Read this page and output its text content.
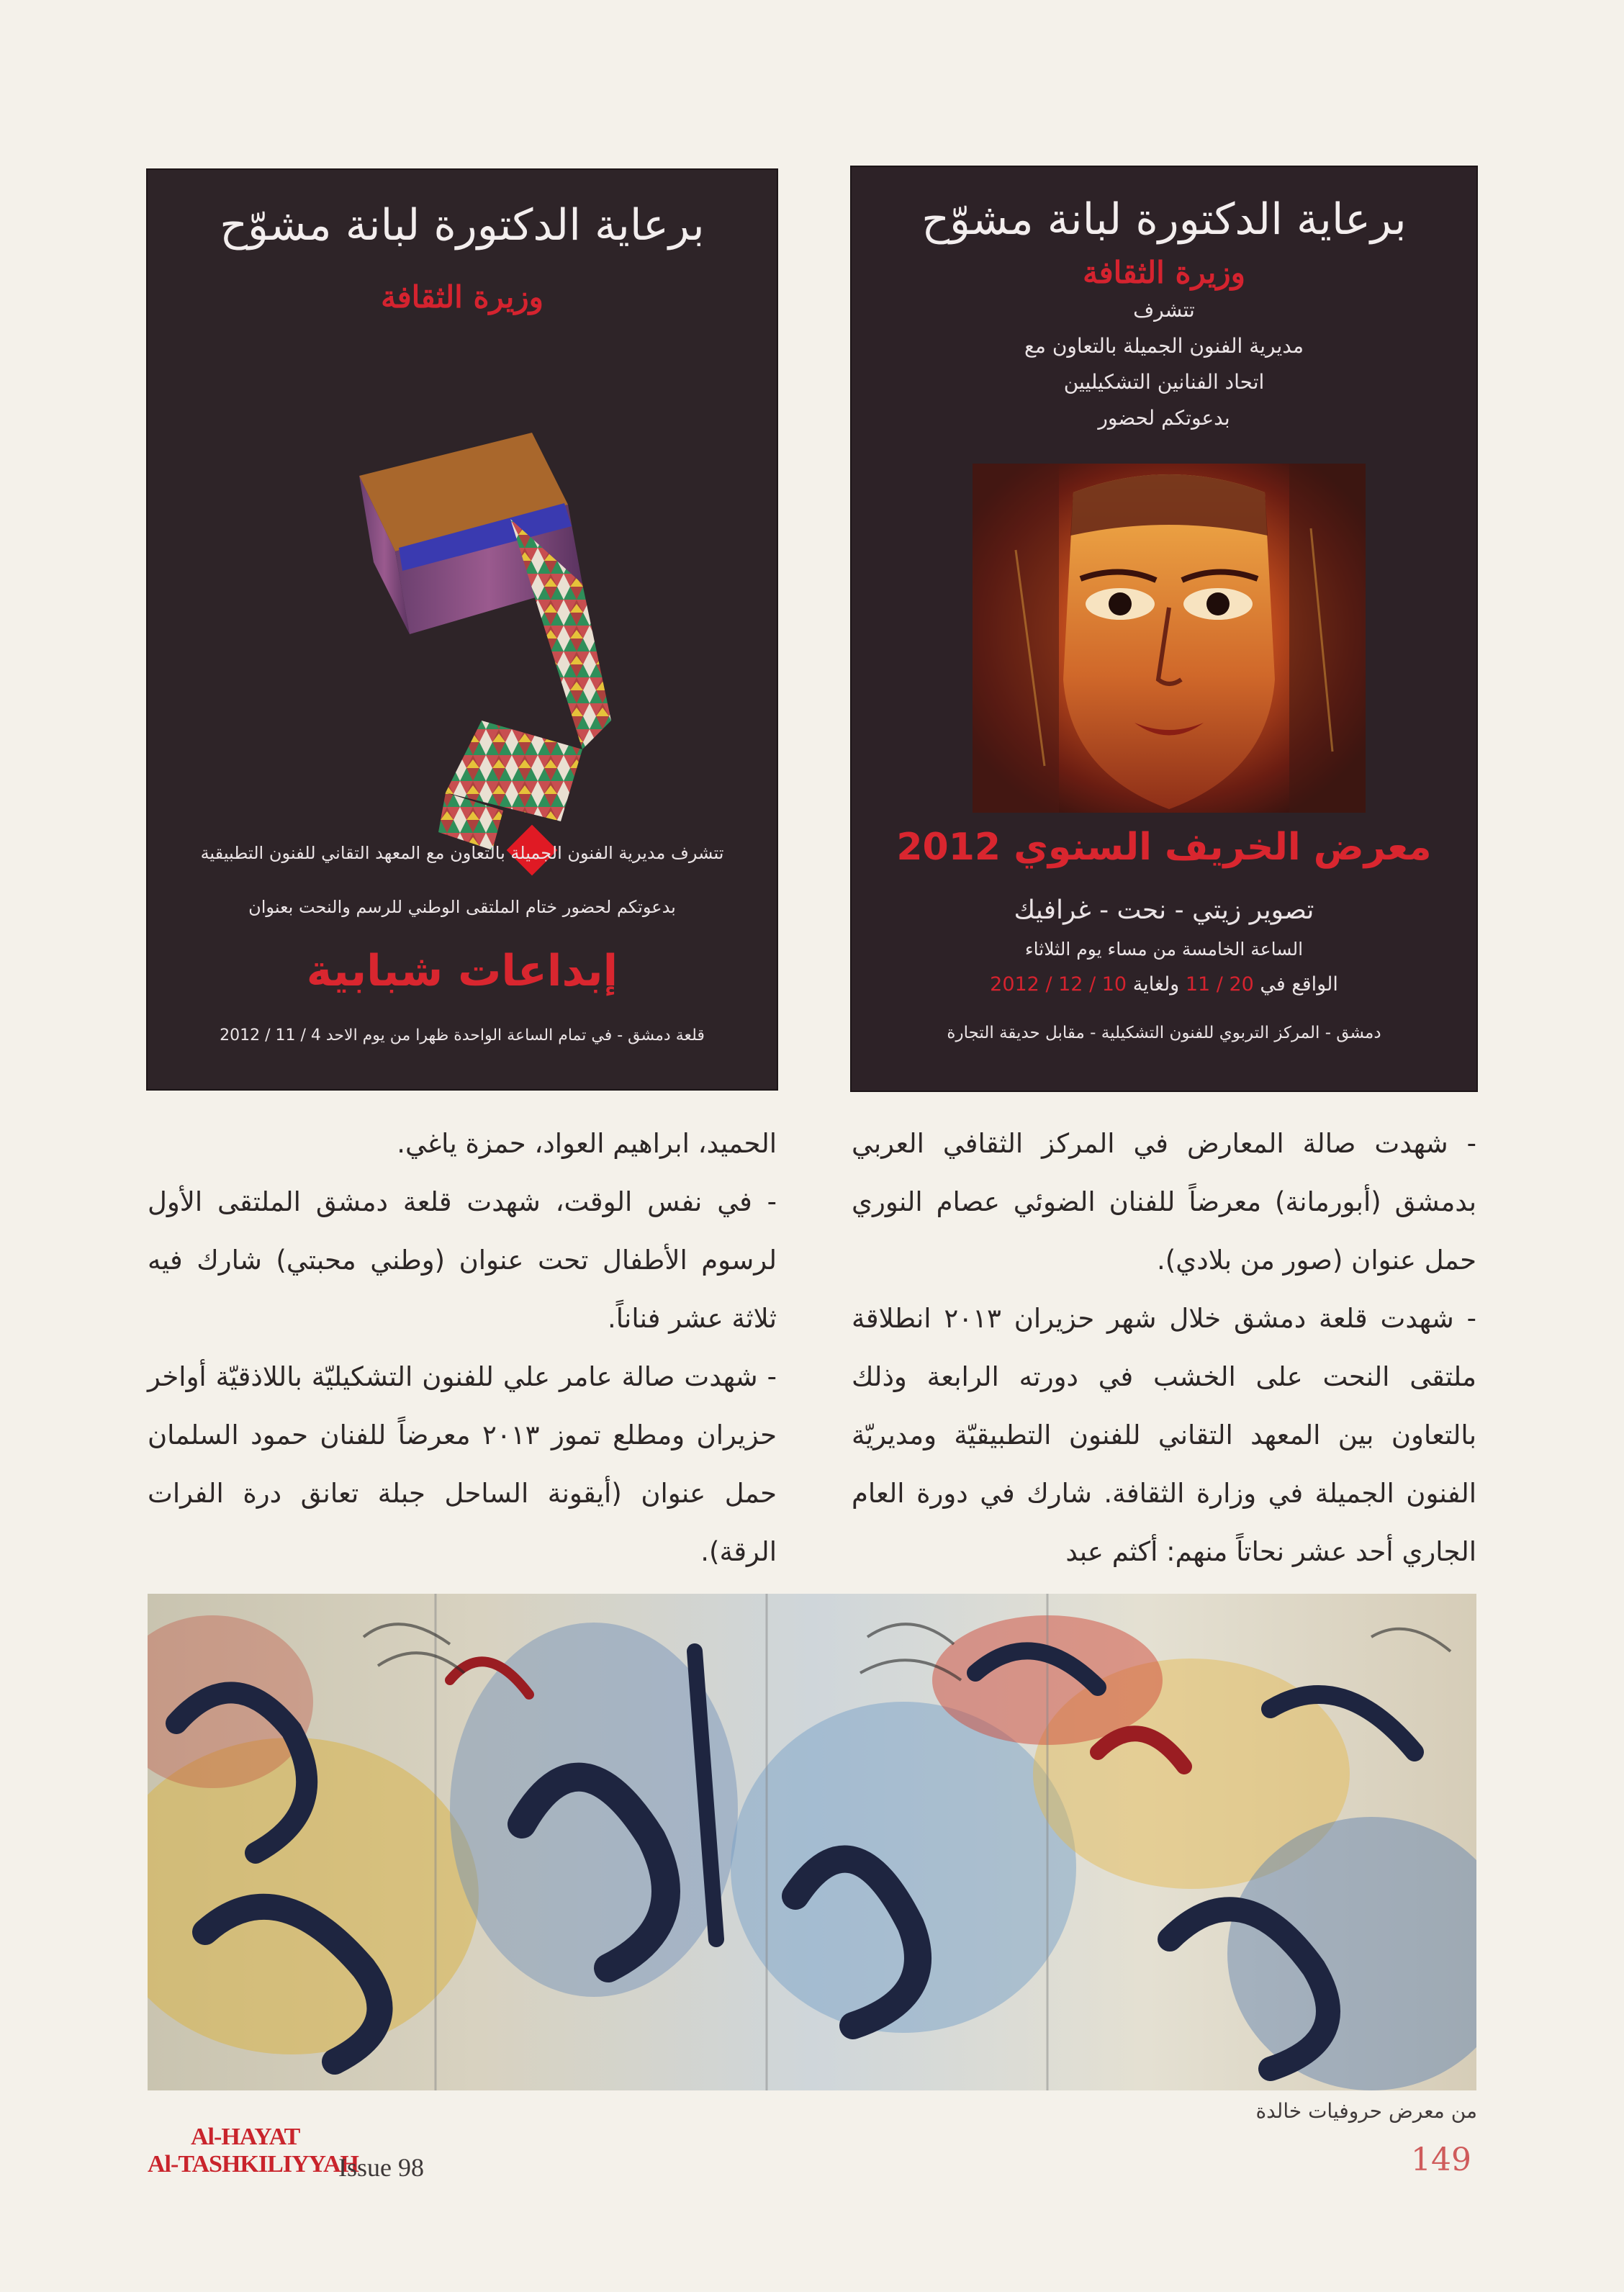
برعاية الدكتورة لبانة مشوّح

وزيرة الثقافة

تتشرف

مديرية الفنون الجميلة بالتعاون مع

اتحاد الفنانين التشكيليين

بدعوتكم لحضور

معرض الخريف السنوي 2012

تصوير زيتي - نحت - غرافيك

الساعة الخامسة من مساء يوم الثلاثاء

الواقع في 20 / 11 ولغاية 10 / 12 / 2012

دمشق - المركز التربوي للفنون التشكيلية - مقابل حديقة التجارة

برعاية الدكتورة لبانة مشوّح

وزيرة الثقافة

تتشرف مديرية الفنون الجميلة بالتعاون مع المعهد التقاني للفنون التطبيقية

بدعوتكم لحضور ختام الملتقى الوطني للرسم والنحت بعنوان

إبداعات شبابية

قلعة دمشق - في تمام الساعة الواحدة ظهرا من يوم الاحد 4 / 11 / 2012

- شهدت صالة المعارض في المركز الثقافي العربي بدمشق (أبورمانة) معرضاً للفنان الضوئي عصام النوري حمل عنوان (صور من بلادي).

- شهدت قلعة دمشق خلال شهر حزيران ٢٠١٣ انطلاقة ملتقى النحت على الخشب في دورته الرابعة وذلك بالتعاون بين المعهد التقاني للفنون التطبيقيّة ومديريّة الفنون الجميلة في وزارة الثقافة. شارك في دورة العام الجاري أحد عشر نحاتاً منهم: أكثم عبد

الحميد، ابراهيم العواد، حمزة ياغي.

- في نفس الوقت، شهدت قلعة دمشق الملتقى الأول لرسوم الأطفال تحت عنوان (وطني محبتي) شارك فيه ثلاثة عشر فناناً.

- شهدت صالة عامر علي للفنون التشكيليّة باللاذقيّة أواخر حزيران ومطلع تموز ٢٠١٣ معرضاً للفنان حمود السلمان حمل عنوان (أيقونة الساحل جبلة تعانق درة الفرات الرقة).

من معرض حروفيات خالدة
Al-HAYAT
Al-TASHKILIYYAH
Issue 98	149
